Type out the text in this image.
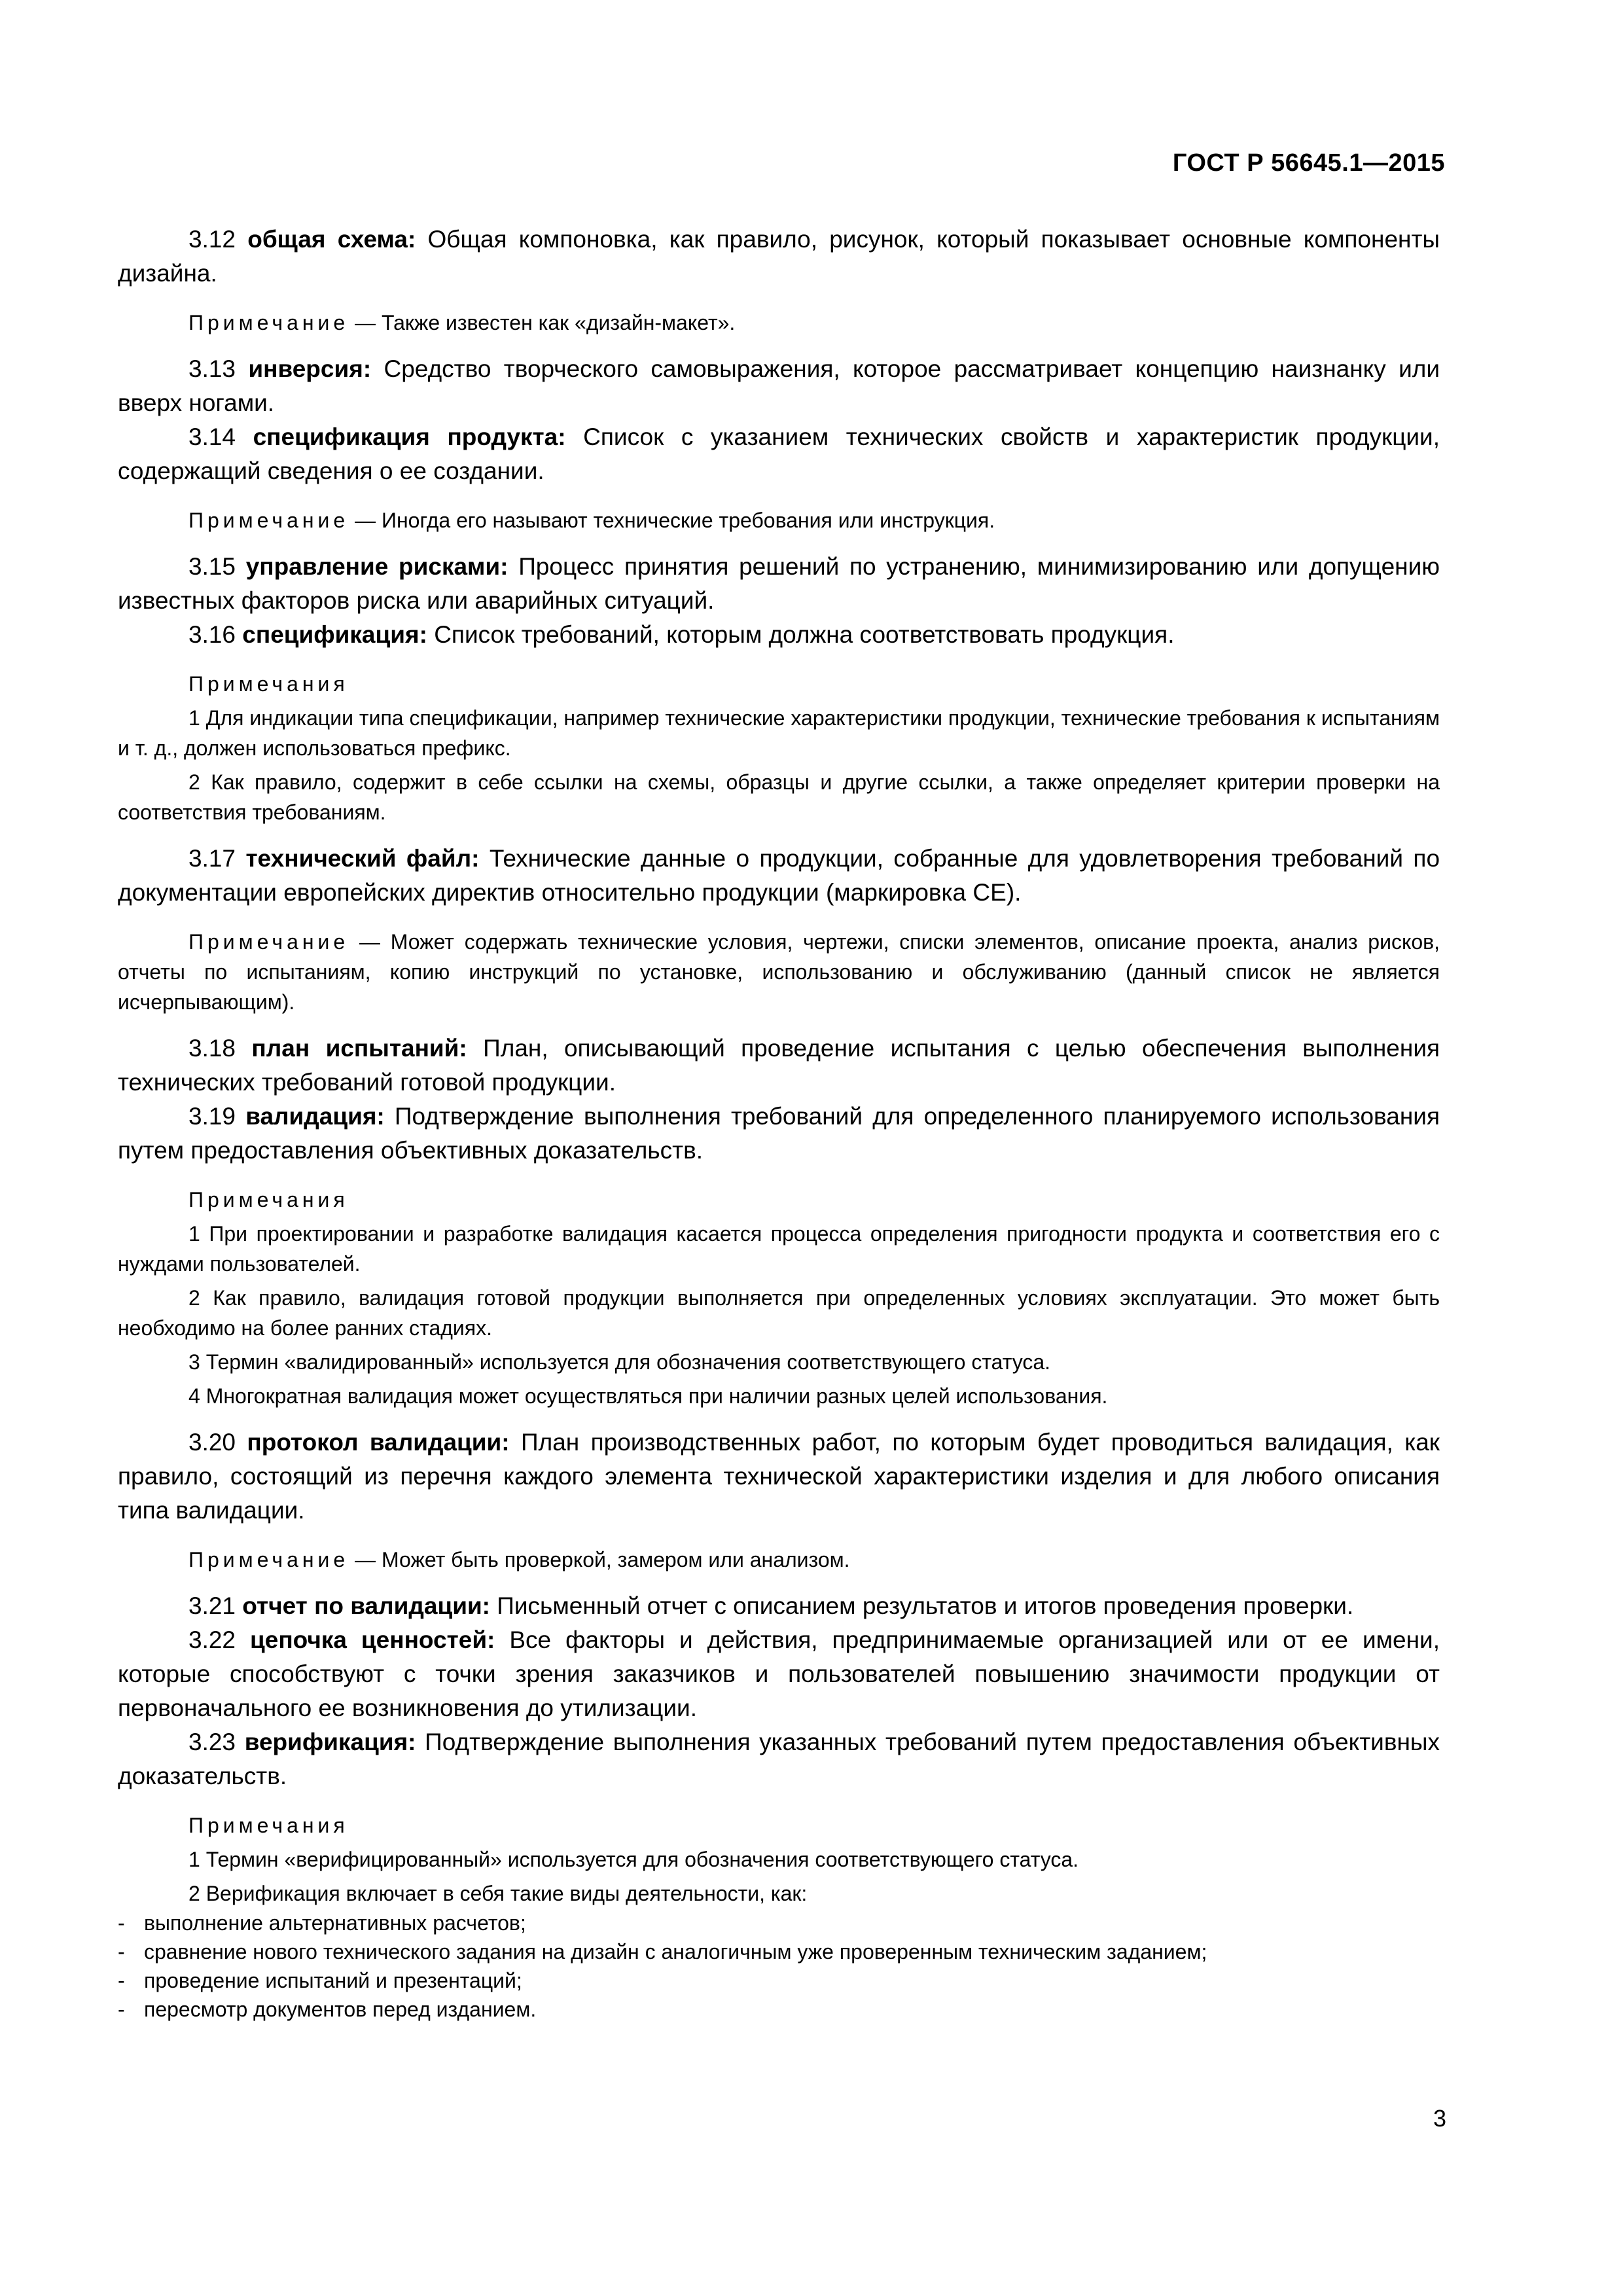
ГОСТ Р 56645.1—2015

3.12 общая схема: Общая компоновка, как правило, рисунок, который показывает основные компоненты дизайна.

Примечание — Также известен как «дизайн-макет».

3.13 инверсия: Средство творческого самовыражения, которое рассматривает концепцию наизнанку или вверх ногами.

3.14 спецификация продукта: Список с указанием технических свойств и характеристик продукции, содержащий сведения о ее создании.

Примечание — Иногда его называют технические требования или инструкция.

3.15 управление рисками: Процесс принятия решений по устранению, минимизированию или допущению известных факторов риска или аварийных ситуаций.

3.16 спецификация: Список требований, которым должна соответствовать продукция.

Примечания

1 Для индикации типа спецификации, например технические характеристики продукции, технические требования к испытаниям и т. д., должен использоваться префикс.

2 Как правило, содержит в себе ссылки на схемы, образцы и другие ссылки, а также определяет критерии проверки на соответствия требованиям.

3.17 технический файл: Технические данные о продукции, собранные для удовлетворения требований по документации европейских директив относительно продукции (маркировка СЕ).

Примечание — Может содержать технические условия, чертежи, списки элементов, описание проекта, анализ рисков, отчеты по испытаниям, копию инструкций по установке, использованию и обслуживанию (данный список не является исчерпывающим).

3.18 план испытаний: План, описывающий проведение испытания с целью обеспечения выполнения технических требований готовой продукции.

3.19 валидация: Подтверждение выполнения требований для определенного планируемого использования путем предоставления объективных доказательств.

Примечания

1 При проектировании и разработке валидация касается процесса определения пригодности продукта и соответствия его с нуждами пользователей.

2 Как правило, валидация готовой продукции выполняется при определенных условиях эксплуатации. Это может быть необходимо на более ранних стадиях.

3 Термин «валидированный» используется для обозначения соответствующего статуса.

4 Многократная валидация может осуществляться при наличии разных целей использования.

3.20 протокол валидации: План производственных работ, по которым будет проводиться валидация, как правило, состоящий из перечня каждого элемента технической характеристики изделия и для любого описания типа валидации.

Примечание — Может быть проверкой, замером или анализом.

3.21 отчет по валидации: Письменный отчет с описанием результатов и итогов проведения проверки.

3.22 цепочка ценностей: Все факторы и действия, предпринимаемые организацией или от ее имени, которые способствуют с точки зрения заказчиков и пользователей повышению значимости продукции от первоначального ее возникновения до утилизации.

3.23 верификация: Подтверждение выполнения указанных требований путем предоставления объективных доказательств.

Примечания

1 Термин «верифицированный» используется для обозначения соответствующего статуса.

2 Верификация включает в себя такие виды деятельности, как:

- выполнение альтернативных расчетов;
- сравнение нового технического задания на дизайн с аналогичным уже проверенным техническим заданием;
- проведение испытаний и презентаций;
- пересмотр документов перед изданием.
3
